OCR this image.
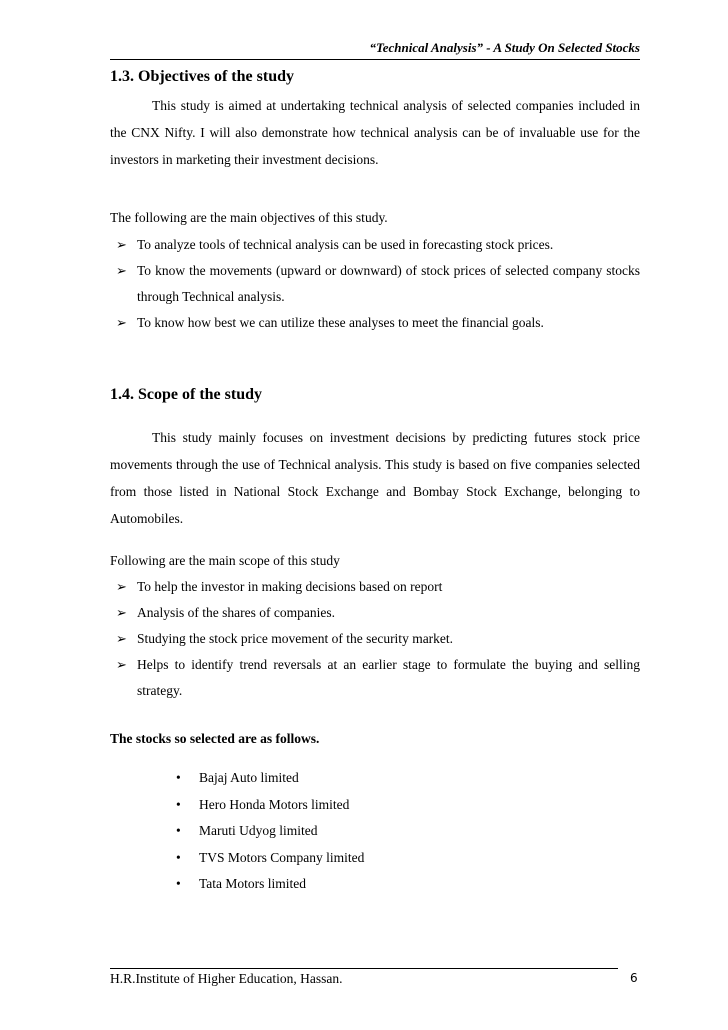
“Technical Analysis” - A Study On Selected Stocks
1.3. Objectives of the study

This study is aimed at undertaking technical analysis of selected companies included in the CNX Nifty. I will also demonstrate how technical analysis can be of invaluable use for the investors in marketing their investment decisions.

The following are the main objectives of this study.

➢ To analyze tools of technical analysis can be used in forecasting stock prices.
➢ To know the movements (upward or downward) of stock prices of selected company stocks through Technical analysis.
➢ To know how best we can utilize these analyses to meet the financial goals.
1.4. Scope of the study

This study mainly focuses on investment decisions by predicting futures stock price movements through the use of Technical analysis. This study is based on five companies selected from those listed in National Stock Exchange and Bombay Stock Exchange, belonging to Automobiles.

Following are the main scope of this study

➢ To help the investor in making decisions based on report
➢ Analysis of the shares of companies.
➢ Studying the stock price movement of the security market.
➢ Helps to identify trend reversals at an earlier stage to formulate the buying and selling strategy.

The stocks so selected are as follows.

• Bajaj Auto limited
• Hero Honda Motors limited
• Maruti Udyog limited
• TVS Motors Company limited
• Tata Motors limited
H.R.Institute of Higher Education, Hassan.	6
